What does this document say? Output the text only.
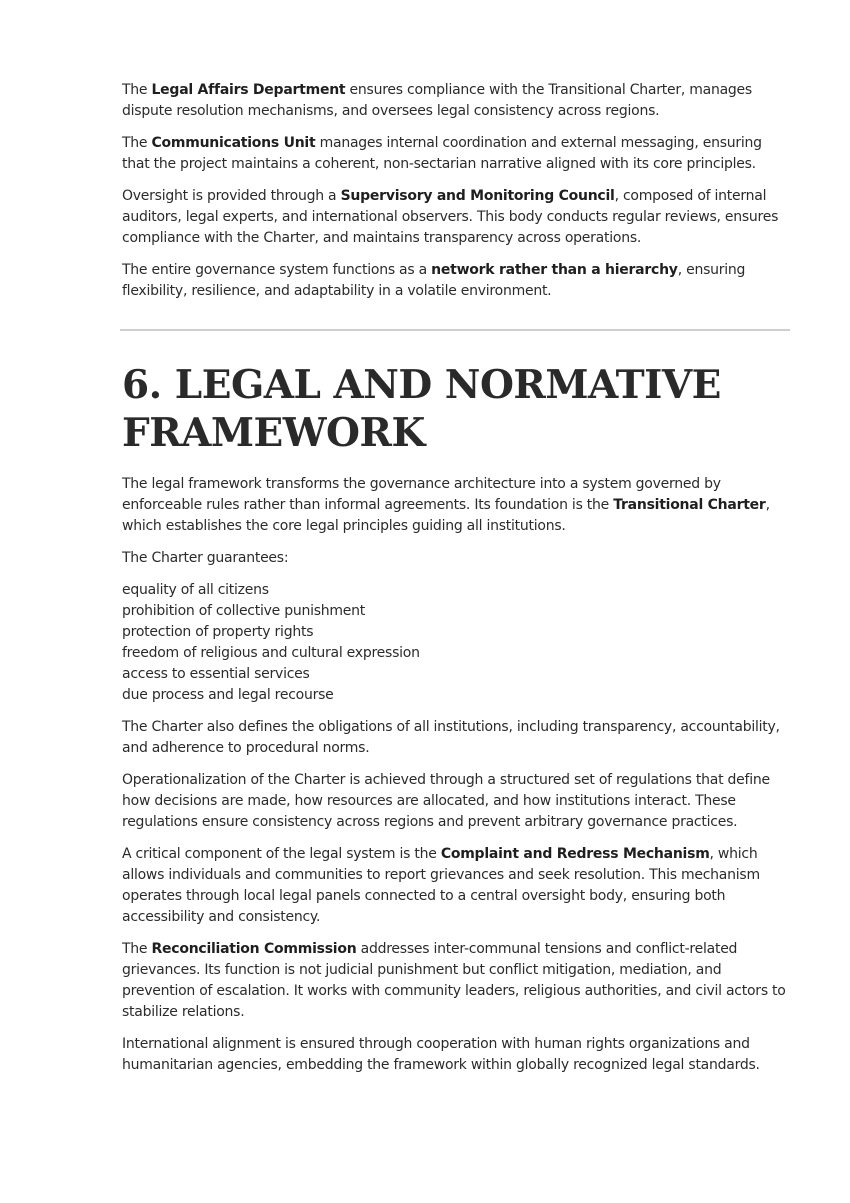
The Legal Affairs Department ensures compliance with the Transitional Charter, manages dispute resolution mechanisms, and oversees legal consistency across regions.

The Communications Unit manages internal coordination and external messaging, ensuring that the project maintains a coherent, non-sectarian narrative aligned with its core principles.

Oversight is provided through a Supervisory and Monitoring Council, composed of internal auditors, legal experts, and international observers. This body conducts regular reviews, ensures compliance with the Charter, and maintains transparency across operations.

The entire governance system functions as a network rather than a hierarchy, ensuring flexibility, resilience, and adaptability in a volatile environment.

6. LEGAL AND NORMATIVE FRAMEWORK

The legal framework transforms the governance architecture into a system governed by enforceable rules rather than informal agreements. Its foundation is the Transitional Charter, which establishes the core legal principles guiding all institutions.

The Charter guarantees:

equality of all citizens
prohibition of collective punishment
protection of property rights
freedom of religious and cultural expression
access to essential services
due process and legal recourse

The Charter also defines the obligations of all institutions, including transparency, accountability, and adherence to procedural norms.

Operationalization of the Charter is achieved through a structured set of regulations that define how decisions are made, how resources are allocated, and how institutions interact. These regulations ensure consistency across regions and prevent arbitrary governance practices.

A critical component of the legal system is the Complaint and Redress Mechanism, which allows individuals and communities to report grievances and seek resolution. This mechanism operates through local legal panels connected to a central oversight body, ensuring both accessibility and consistency.

The Reconciliation Commission addresses inter-communal tensions and conflict-related grievances. Its function is not judicial punishment but conflict mitigation, mediation, and prevention of escalation. It works with community leaders, religious authorities, and civil actors to stabilize relations.

International alignment is ensured through cooperation with human rights organizations and humanitarian agencies, embedding the framework within globally recognized legal standards.
